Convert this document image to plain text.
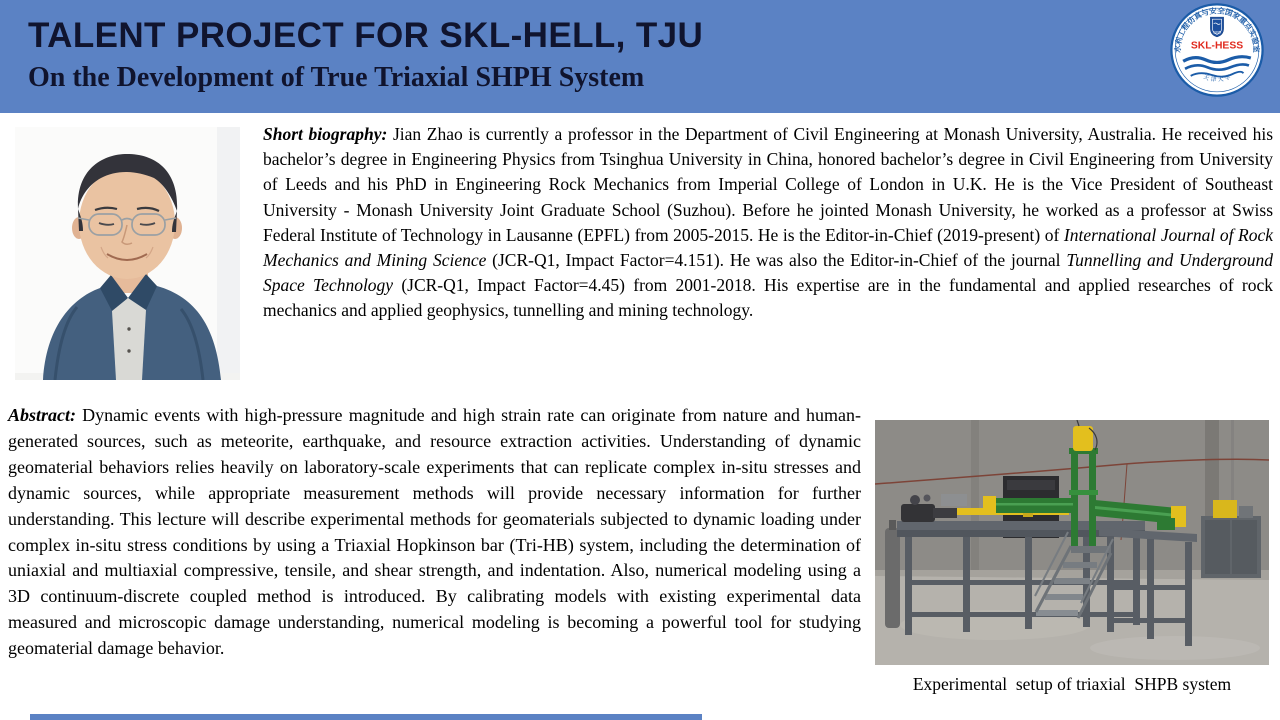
TALENT PROJECT FOR SKL-HELL, TJU
On the Development of True Triaxial SHPH System
水利工程仿真与安全国家重点实验室
1895
SKL-HESS
天 津 大 学

Short biography: Jian Zhao is currently a professor in the Department of Civil Engineering at Monash University, Australia. He received his bachelor’s degree in Engineering Physics from Tsinghua University in China, honored bachelor’s degree in Civil Engineering from University of Leeds and his PhD in Engineering Rock Mechanics from Imperial College of London in U.K. He is the Vice President of Southeast University - Monash University Joint Graduate School (Suzhou). Before he jointed Monash University, he worked as a professor at Swiss Federal Institute of Technology in Lausanne (EPFL) from 2005-2015. He is the Editor-in-Chief (2019-present) of International Journal of Rock Mechanics and Mining Science (JCR-Q1, Impact Factor=4.151). He was also the Editor-in-Chief of the journal Tunnelling and Underground Space Technology (JCR-Q1, Impact Factor=4.45) from 2001-2018. His expertise are in the fundamental and applied researches of rock mechanics and applied geophysics, tunnelling and mining technology.

Abstract: Dynamic events with high-pressure magnitude and high strain rate can originate from nature and human-generated sources, such as meteorite, earthquake, and resource extraction activities. Understanding of dynamic geomaterial behaviors relies heavily on laboratory-scale experiments that can replicate complex in-situ stresses and dynamic sources, while appropriate measurement methods will provide necessary information for further understanding. This lecture will describe experimental methods for geomaterials subjected to dynamic loading under complex in-situ stress conditions by using a Triaxial Hopkinson bar (Tri-HB) system, including the determination of uniaxial and multiaxial compressive, tensile, and shear strength, and indentation. Also, numerical modeling using a 3D continuum-discrete coupled method is introduced. By calibrating models with existing experimental data measured and microscopic damage understanding, numerical modeling is becoming a powerful tool for studying geomaterial damage behavior.

Experimental  setup of triaxial  SHPB system
